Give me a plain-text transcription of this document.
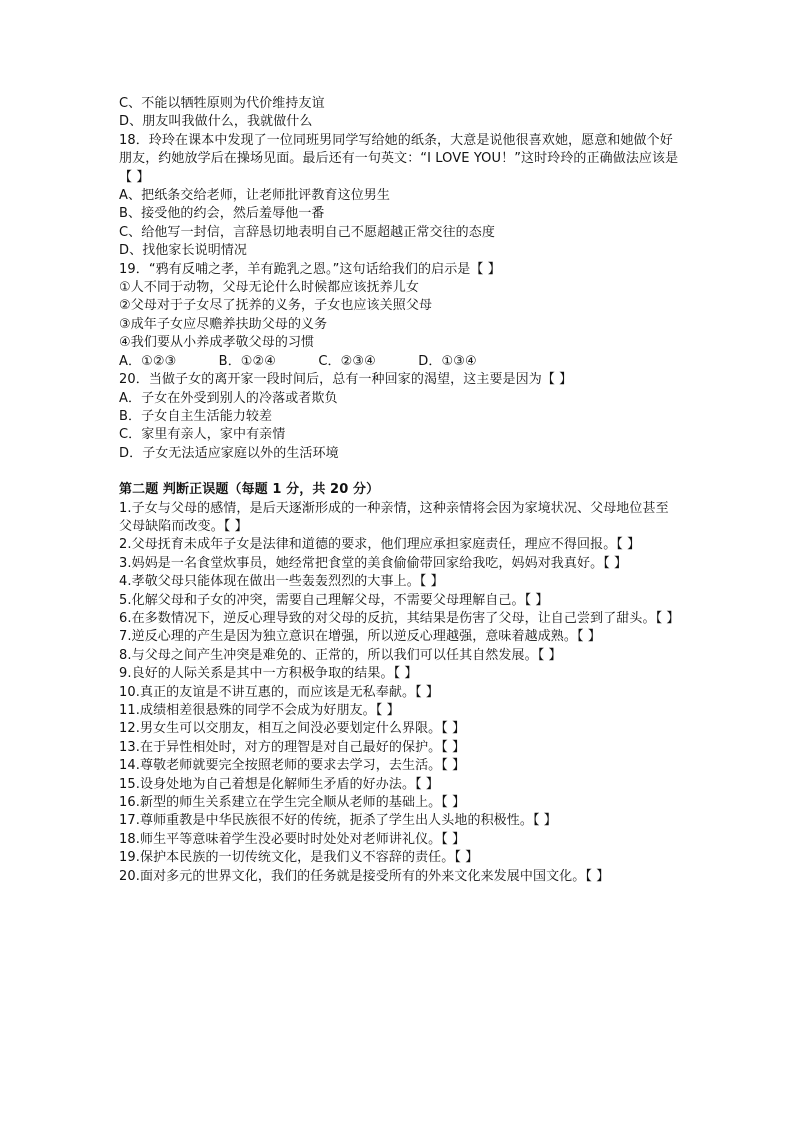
C、不能以牺牲原则为代价维持友谊
D、朋友叫我做什么，我就做什么
18．玲玲在课本中发现了一位同班男同学写给她的纸条，大意是说他很喜欢她，愿意和她做个好朋友，约她放学后在操场见面。最后还有一句英文：“I LOVE YOU！”这时玲玲的正确做法应该是【 】
A、把纸条交给老师，让老师批评教育这位男生
B、接受他的约会，然后羞辱他一番
C、给他写一封信，言辞恳切地表明自己不愿超越正常交往的态度
D、找他家长说明情况
19．“鸦有反哺之孝，羊有跪乳之恩。”这句话给我们的启示是【 】
①人不同于动物，父母无论什么时候都应该抚养儿女
②父母对于子女尽了抚养的义务，子女也应该关照父母
③成年子女应尽赡养扶助父母的义务
④我们要从小养成孝敬父母的习惯
A．①②③          B．①②④          C．②③④          D．①③④
20．当做子女的离开家一段时间后，总有一种回家的渴望，这主要是因为【 】
A．子女在外受到别人的冷落或者欺负
B．子女自主生活能力较差
C．家里有亲人，家中有亲情
D．子女无法适应家庭以外的生活环境
第二题 判断正误题（每题 1 分，共 20 分）
1.子女与父母的感情，是后天逐渐形成的一种亲情，这种亲情将会因为家境状况、父母地位甚至父母缺陷而改变。【 】
2.父母抚育未成年子女是法律和道德的要求，他们理应承担家庭责任，理应不得回报。【 】
3.妈妈是一名食堂炊事员，她经常把食堂的美食偷偷带回家给我吃，妈妈对我真好。【 】
4.孝敬父母只能体现在做出一些轰轰烈烈的大事上。【 】
5.化解父母和子女的冲突，需要自己理解父母，不需要父母理解自己。【 】
6.在多数情况下，逆反心理导致的对父母的反抗，其结果是伤害了父母，让自己尝到了甜头。【 】
7.逆反心理的产生是因为独立意识在增强，所以逆反心理越强，意味着越成熟。【 】
8.与父母之间产生冲突是难免的、正常的，所以我们可以任其自然发展。【 】
9.良好的人际关系是其中一方积极争取的结果。【 】
10.真正的友谊是不讲互惠的，而应该是无私奉献。【 】
11.成绩相差很悬殊的同学不会成为好朋友。【 】
12.男女生可以交朋友，相互之间没必要划定什么界限。【 】
13.在于异性相处时，对方的理智是对自己最好的保护。【 】
14.尊敬老师就要完全按照老师的要求去学习，去生活。【 】
15.设身处地为自己着想是化解师生矛盾的好办法。【 】
16.新型的师生关系建立在学生完全顺从老师的基础上。【 】
17.尊师重教是中华民族很不好的传统，扼杀了学生出人头地的积极性。【 】
18.师生平等意味着学生没必要时时处处对老师讲礼仪。【 】
19.保护本民族的一切传统文化，是我们义不容辞的责任。【 】
20.面对多元的世界文化，我们的任务就是接受所有的外来文化来发展中国文化。【 】
